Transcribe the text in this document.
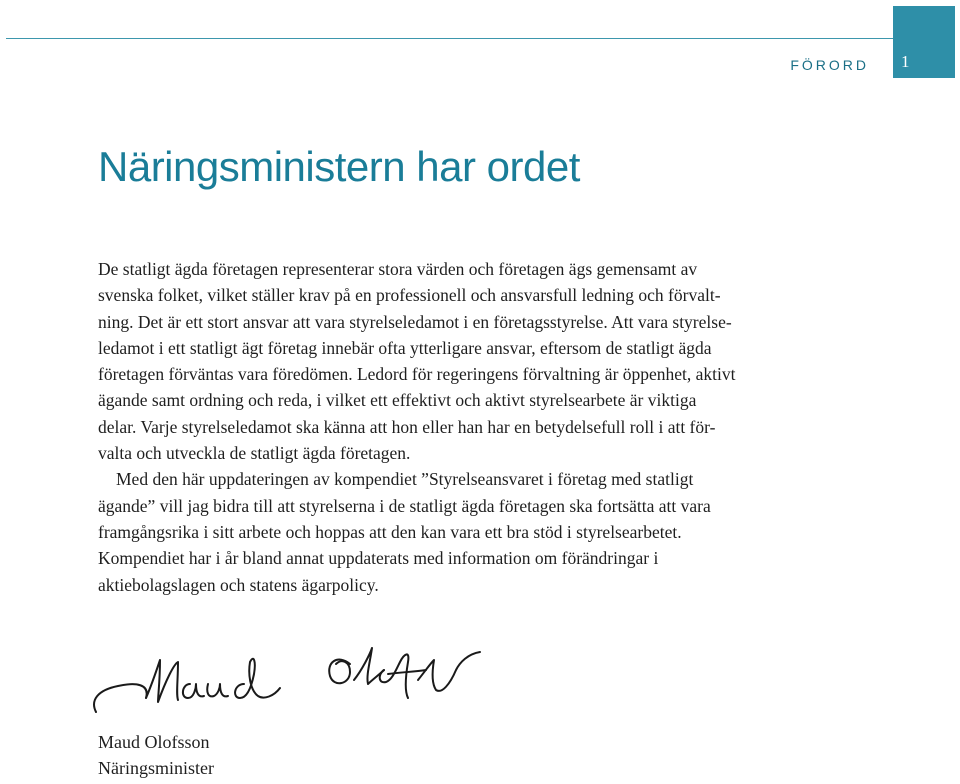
FÖRORD 1
Näringsministern har ordet
De statligt ägda företagen representerar stora värden och företagen ägs gemensamt av
svenska folket, vilket ställer krav på en professionell och ansvarsfull ledning och förvalt-
ning. Det är ett stort ansvar att vara styrelseledamot i en företagsstyrelse. Att vara styrelse-
ledamot i ett statligt ägt företag innebär ofta ytterligare ansvar, eftersom de statligt ägda
företagen förväntas vara föredömen. Ledord för regeringens förvaltning är öppenhet, aktivt
ägande samt ordning och reda, i vilket ett effektivt och aktivt styrelsearbete är viktiga
delar. Varje styrelseledamot ska känna att hon eller han har en betydelsefull roll i att för-
valta och utveckla de statligt ägda företagen.
Med den här uppdateringen av kompendiet ”Styrelseansvaret i företag med statligt
ägande” vill jag bidra till att styrelserna i de statligt ägda företagen ska fortsätta att vara
framgångsrika i sitt arbete och hoppas att den kan vara ett bra stöd i styrelsearbetet.
Kompendiet har i år bland annat uppdaterats med information om förändringar i
aktiebolagslagen och statens ägarpolicy.
Maud Olofsson
Näringsminister
